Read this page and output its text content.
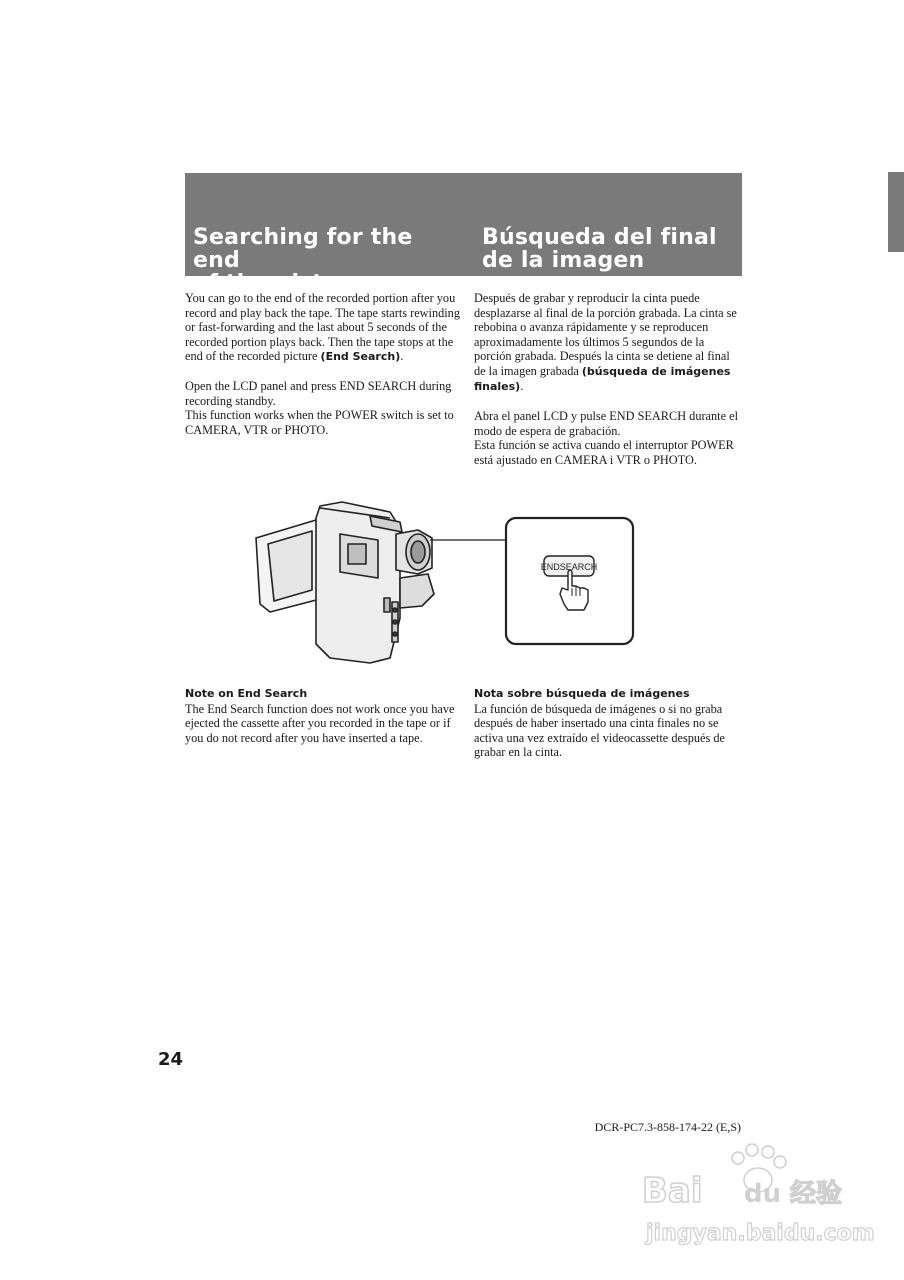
Searching for the end
of the picture
Búsqueda del final
de la imagen

You can go to the end of the recorded portion after you record and play back the tape. The tape starts rewinding or fast-forwarding and the last about 5 seconds of the recorded portion plays back. Then the tape stops at the end of the recorded picture (End Search).

Open the LCD panel and press END SEARCH during recording standby.

This function works when the POWER switch is set to CAMERA, VTR or PHOTO.

Después de grabar y reproducir la cinta puede desplazarse al final de la porción grabada. La cinta se rebobina o avanza rápidamente y se reproducen aproximadamente los últimos 5 segundos de la porción grabada. Después la cinta se detiene al final de la imagen grabada (búsqueda de imágenes finales).

Abra el panel LCD y pulse END SEARCH durante el modo de espera de grabación.

Esta función se activa cuando el interruptor POWER está ajustado en CAMERA i VTR o PHOTO.

ENDSEARCH

Note on End Search

The End Search function does not work once you have ejected the cassette after you recorded in the tape or if you do not record after you have inserted a tape.

Nota sobre búsqueda de imágenes

La función de búsqueda de imágenes o si no graba después de haber insertado una cinta finales no se activa una vez extraído el videocassette después de grabar en la cinta.

24
DCR-PC7.3-858-174-22 (E,S)
Bai du 经验
jingyan.baidu.com
